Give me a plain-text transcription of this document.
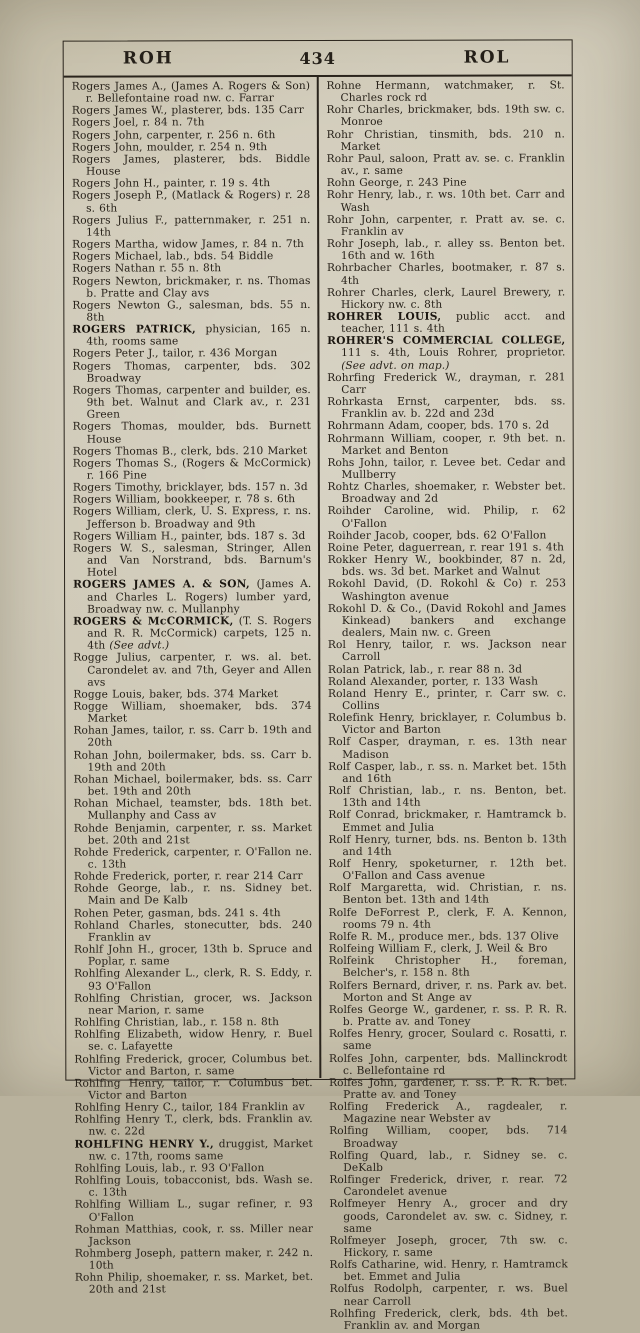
ROH	434	ROL

Rogers James A., (James A. Rogers & Son) r. Bellefontaine road nw. c. Farrar

Rogers James W., plasterer, bds. 135 Carr

Rogers Joel, r. 84 n. 7th

Rogers John, carpenter, r. 256 n. 6th

Rogers John, moulder, r. 254 n. 9th

Rogers James, plasterer, bds. Biddle House

Rogers John H., painter, r. 19 s. 4th

Rogers Joseph P., (Matlack & Rogers) r. 28 s. 6th

Rogers Julius F., patternmaker, r. 251 n. 14th

Rogers Martha, widow James, r. 84 n. 7th

Rogers Michael, lab., bds. 54 Biddle

Rogers Nathan r. 55 n. 8th

Rogers Newton, brickmaker, r. ns. Thomas b. Pratte and Clay avs

Rogers Newton G., salesman, bds. 55 n. 8th

ROGERS PATRICK, physician, 165 n. 4th, rooms same

Rogers Peter J., tailor, r. 436 Morgan

Rogers Thomas, carpenter, bds. 302 Broadway

Rogers Thomas, carpenter and builder, es. 9th bet. Walnut and Clark av., r. 231 Green

Rogers Thomas, moulder, bds. Burnett House

Rogers Thomas B., clerk, bds. 210 Market

Rogers Thomas S., (Rogers & McCormick) r. 166 Pine

Rogers Timothy, bricklayer, bds. 157 n. 3d

Rogers William, bookkeeper, r. 78 s. 6th

Rogers William, clerk, U. S. Express, r. ns. Jefferson b. Broadway and 9th

Rogers William H., painter, bds. 187 s. 3d

Rogers W. S., salesman, Stringer, Allen and Van Norstrand, bds. Barnum's Hotel

ROGERS JAMES A. & SON, (James A. and Charles L. Rogers) lumber yard, Broadway nw. c. Mullanphy

ROGERS & McCORMICK, (T. S. Rogers and R. R. McCormick) carpets, 125 n. 4th (See advt.)

Rogge Julius, carpenter, r. ws. al. bet. Carondelet av. and 7th, Geyer and Allen avs

Rogge Louis, baker, bds. 374 Market

Rogge William, shoemaker, bds. 374 Market

Rohan James, tailor, r. ss. Carr b. 19th and 20th

Rohan John, boilermaker, bds. ss. Carr b. 19th and 20th

Rohan Michael, boilermaker, bds. ss. Carr bet. 19th and 20th

Rohan Michael, teamster, bds. 18th bet. Mullanphy and Cass av

Rohde Benjamin, carpenter, r. ss. Market bet. 20th and 21st

Rohde Frederick, carpenter, r. O'Fallon ne. c. 13th

Rohde Frederick, porter, r. rear 214 Carr

Rohde George, lab., r. ns. Sidney bet. Main and De Kalb

Rohen Peter, gasman, bds. 241 s. 4th

Rohland Charles, stonecutter, bds. 240 Franklin av

Rohlf John H., grocer, 13th b. Spruce and Poplar, r. same

Rohlfing Alexander L., clerk, R. S. Eddy, r. 93 O'Fallon

Rohlfing Christian, grocer, ws. Jackson near Marion, r. same

Rohlfing Christian, lab., r. 158 n. 8th

Rohlfing Elizabeth, widow Henry, r. Buel se. c. Lafayette

Rohlfing Frederick, grocer, Columbus bet. Victor and Barton, r. same

Rohlfing Henry, tailor, r. Columbus bet. Victor and Barton

Rohlfing Henry C., tailor, 184 Franklin av

Rohlfing Henry T., clerk, bds. Franklin av. nw. c. 22d

ROHLFING HENRY Y., druggist, Market nw. c. 17th, rooms same

Rohlfing Louis, lab., r. 93 O'Fallon

Rohlfing Louis, tobacconist, bds. Wash se. c. 13th

Rohlfing William L., sugar refiner, r. 93 O'Fallon

Rohman Matthias, cook, r. ss. Miller near Jackson

Rohmberg Joseph, pattern maker, r. 242 n. 10th

Rohn Philip, shoemaker, r. ss. Market, bet. 20th and 21st

Rohne Hermann, watchmaker, r. St. Charles rock rd

Rohr Charles, brickmaker, bds. 19th sw. c. Monroe

Rohr Christian, tinsmith, bds. 210 n. Market

Rohr Paul, saloon, Pratt av. se. c. Franklin av., r. same

Rohn George, r. 243 Pine

Rohr Henry, lab., r. ws. 10th bet. Carr and Wash

Rohr John, carpenter, r. Pratt av. se. c. Franklin av

Rohr Joseph, lab., r. alley ss. Benton bet. 16th and w. 16th

Rohrbacher Charles, bootmaker, r. 87 s. 4th

Rohrer Charles, clerk, Laurel Brewery, r. Hickory nw. c. 8th

ROHRER LOUIS, public acct. and teacher, 111 s. 4th

ROHRER'S COMMERCIAL COLLEGE, 111 s. 4th, Louis Rohrer, proprietor. (See advt. on map.)

Rohrfing Frederick W., drayman, r. 281 Carr

Rohrkasta Ernst, carpenter, bds. ss. Franklin av. b. 22d and 23d

Rohrmann Adam, cooper, bds. 170 s. 2d

Rohrmann William, cooper, r. 9th bet. n. Market and Benton

Rohs John, tailor, r. Levee bet. Cedar and Mullberry

Rohtz Charles, shoemaker, r. Webster bet. Broadway and 2d

Roihder Caroline, wid. Philip, r. 62 O'Fallon

Roihder Jacob, cooper, bds. 62 O'Fallon

Roine Peter, daguerrean, r. rear 191 s. 4th

Rokker Henry W., bookbinder, 87 n. 2d, bds. ws. 3d bet. Market and Walnut

Rokohl David, (D. Rokohl & Co) r. 253 Washington avenue

Rokohl D. & Co., (David Rokohl and James Kinkead) bankers and exchange dealers, Main nw. c. Green

Rol Henry, tailor, r. ws. Jackson near Carroll

Rolan Patrick, lab., r. rear 88 n. 3d

Roland Alexander, porter, r. 133 Wash

Roland Henry E., printer, r. Carr sw. c. Collins

Rolefink Henry, bricklayer, r. Columbus b. Victor and Barton

Rolf Casper, drayman, r. es. 13th near Madison

Rolf Casper, lab., r. ss. n. Market bet. 15th and 16th

Rolf Christian, lab., r. ns. Benton, bet. 13th and 14th

Rolf Conrad, brickmaker, r. Hamtramck b. Emmet and Julia

Rolf Henry, turner, bds. ns. Benton b. 13th and 14th

Rolf Henry, spoketurner, r. 12th bet. O'Fallon and Cass avenue

Rolf Margaretta, wid. Christian, r. ns. Benton bet. 13th and 14th

Rolfe DeForrest P., clerk, F. A. Kennon, rooms 79 n. 4th

Rolfe R. M., produce mer., bds. 137 Olive

Rolfeing William F., clerk, J. Weil & Bro

Rolfeink Christopher H., foreman, Belcher's, r. 158 n. 8th

Rolfers Bernard, driver, r. ns. Park av. bet. Morton and St Ange av

Rolfes George W., gardener, r. ss. P. R. R. b. Pratte av. and Toney

Rolfes Henry, grocer, Soulard c. Rosatti, r. same

Rolfes John, carpenter, bds. Mallinckrodt c. Bellefontaine rd

Rolfes John, gardener, r. ss. P. R. R. bet. Pratte av. and Toney

Rolfing Frederick A., ragdealer, r. Magazine near Webster av

Rolfing William, cooper, bds. 714 Broadway

Rolfing Quard, lab., r. Sidney se. c. DeKalb

Rolfinger Frederick, driver, r. rear. 72 Carondelet avenue

Rolfmeyer Henry A., grocer and dry goods, Carondelet av. sw. c. Sidney, r. same

Rolfmeyer Joseph, grocer, 7th sw. c. Hickory, r. same

Rolfs Catharine, wid. Henry, r. Hamtramck bet. Emmet and Julia

Rolfus Rodolph, carpenter, r. ws. Buel near Carroll

Rolhfing Frederick, clerk, bds. 4th bet. Franklin av. and Morgan
